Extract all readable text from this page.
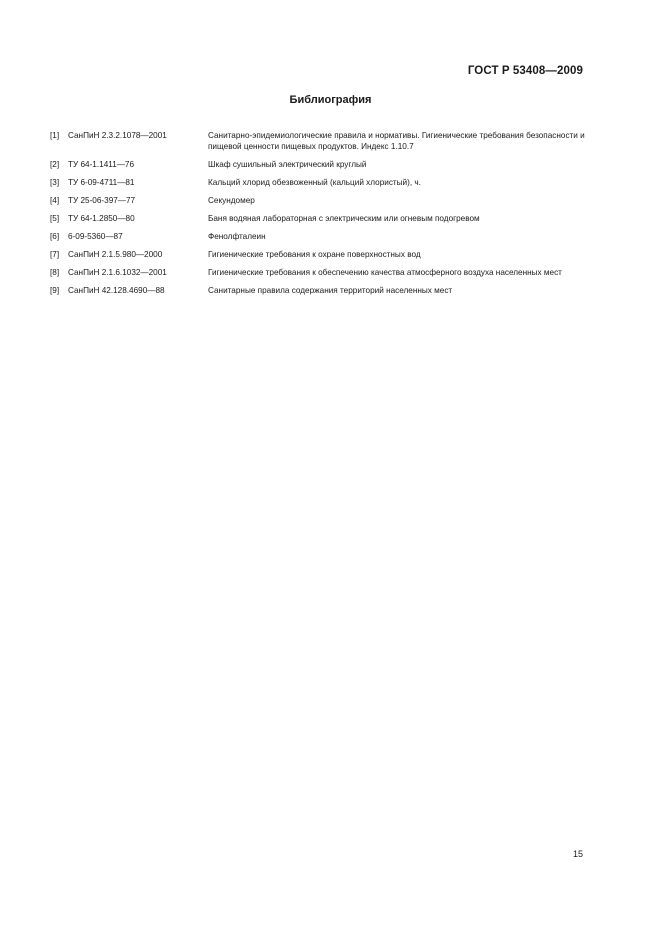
ГОСТ Р 53408—2009
Библиография
[1]	СанПиН 2.3.2.1078—2001	Санитарно-эпидемиологические правила и нормативы. Гигиенические требования безопасности и пищевой ценности пищевых продуктов. Индекс 1.10.7
[2]	ТУ 64-1.1411—76	Шкаф сушильный электрический круглый
[3]	ТУ 6-09-4711—81	Кальций хлорид обезвоженный (кальций хлористый), ч.
[4]	ТУ 25-06-397—77	Секундомер
[5]	ТУ 64-1.2850—80	Баня водяная лабораторная с электрическим или огневым подогревом
[6]	6-09-5360—87	Фенолфталеин
[7]	СанПиН 2.1.5.980—2000	Гигиенические требования к охране поверхностных вод
[8]	СанПиН 2.1.6.1032—2001	Гигиенические требования к обеспечению качества атмосферного воздуха населенных мест
[9]	СанПиН 42.128.4690—88	Санитарные правила содержания территорий населенных мест
15
